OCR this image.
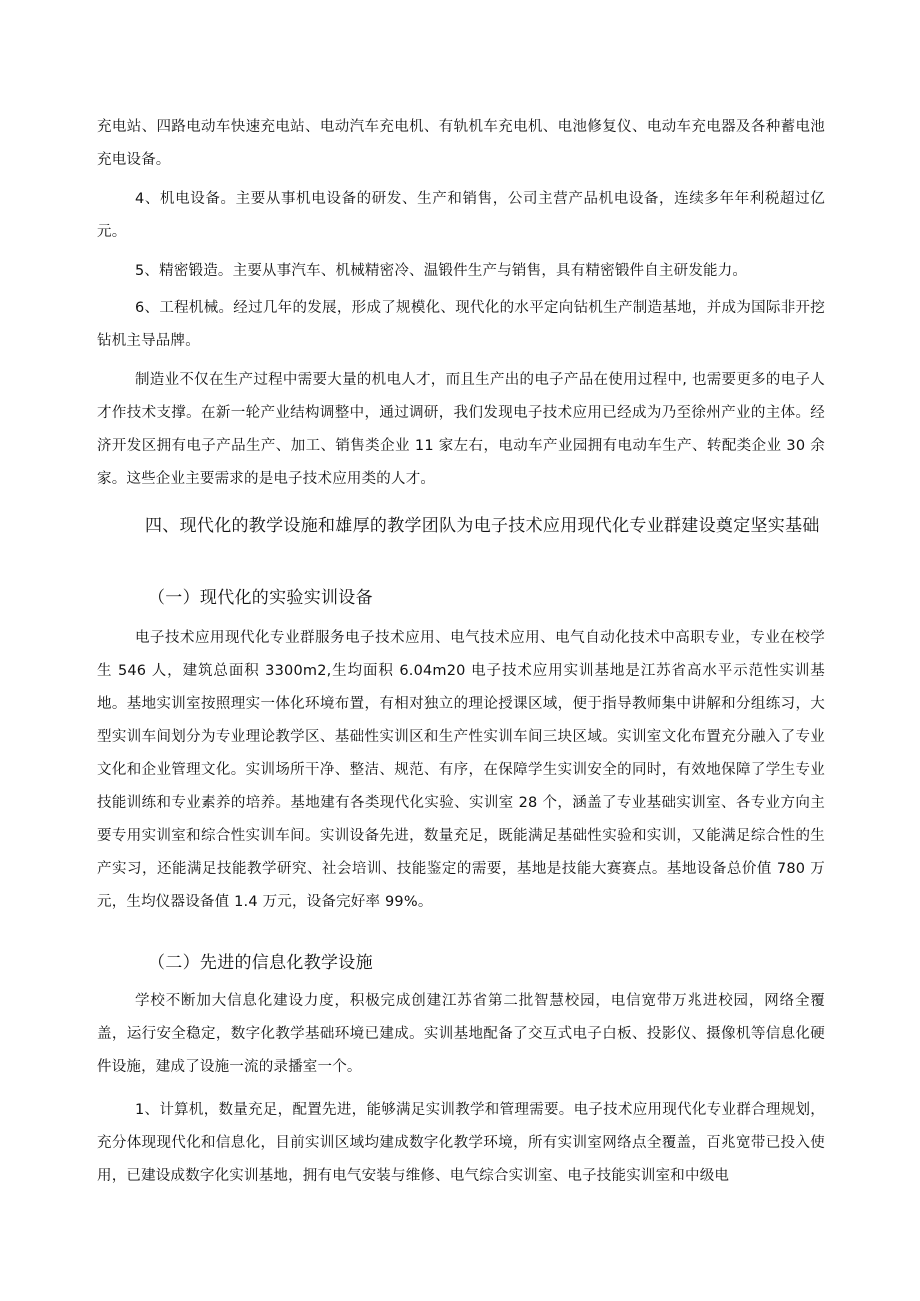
充电站、四路电动车快速充电站、电动汽车充电机、有轨机车充电机、电池修复仪、电动车充电器及各种蓄电池充电设备。

4、机电设备。主要从事机电设备的研发、生产和销售，公司主营产品机电设备，连续多年年利税超过亿元。

5、精密锻造。主要从事汽车、机械精密冷、温锻件生产与销售，具有精密锻件自主研发能力。

6、工程机械。经过几年的发展，形成了规模化、现代化的水平定向钻机生产制造基地，并成为国际非开挖钻机主导品牌。

制造业不仅在生产过程中需要大量的机电人才，而且生产出的电子产品在使用过程中, 也需要更多的电子人才作技术支撑。在新一轮产业结构调整中，通过调研，我们发现电子技术应用已经成为乃至徐州产业的主体。经济开发区拥有电子产品生产、加工、销售类企业 11 家左右，电动车产业园拥有电动车生产、转配类企业 30 余家。这些企业主要需求的是电子技术应用类的人才。

四、现代化的教学设施和雄厚的教学团队为电子技术应用现代化专业群建设奠定坚实基础
（一）现代化的实验实训设备

电子技术应用现代化专业群服务电子技术应用、电气技术应用、电气自动化技术中高职专业，专业在校学生 546 人，建筑总面积 3300m2,生均面积 6.04m20 电子技术应用实训基地是江苏省高水平示范性实训基地。基地实训室按照理实一体化环境布置，有相对独立的理论授课区域，便于指导教师集中讲解和分组练习，大型实训车间划分为专业理论教学区、基础性实训区和生产性实训车间三块区域。实训室文化布置充分融入了专业文化和企业管理文化。实训场所干净、整洁、规范、有序，在保障学生实训安全的同时，有效地保障了学生专业技能训练和专业素养的培养。基地建有各类现代化实验、实训室 28 个，涵盖了专业基础实训室、各专业方向主要专用实训室和综合性实训车间。实训设备先进，数量充足，既能满足基础性实验和实训，又能满足综合性的生产实习，还能满足技能教学研究、社会培训、技能鉴定的需要，基地是技能大赛赛点。基地设备总价值 780 万元，生均仪器设备值 1.4 万元，设备完好率 99%。

（二）先进的信息化教学设施

学校不断加大信息化建设力度，积极完成创建江苏省第二批智慧校园，电信宽带万兆进校园，网络全覆盖，运行安全稳定，数字化教学基础环境已建成。实训基地配备了交互式电子白板、投影仪、摄像机等信息化硬件设施，建成了设施一流的录播室一个。

1、计算机，数量充足，配置先进，能够满足实训教学和管理需要。电子技术应用现代化专业群合理规划，充分体现现代化和信息化，目前实训区域均建成数字化教学环境，所有实训室网络点全覆盖，百兆宽带已投入使用，已建设成数字化实训基地，拥有电气安装与维修、电气综合实训室、电子技能实训室和中级电
